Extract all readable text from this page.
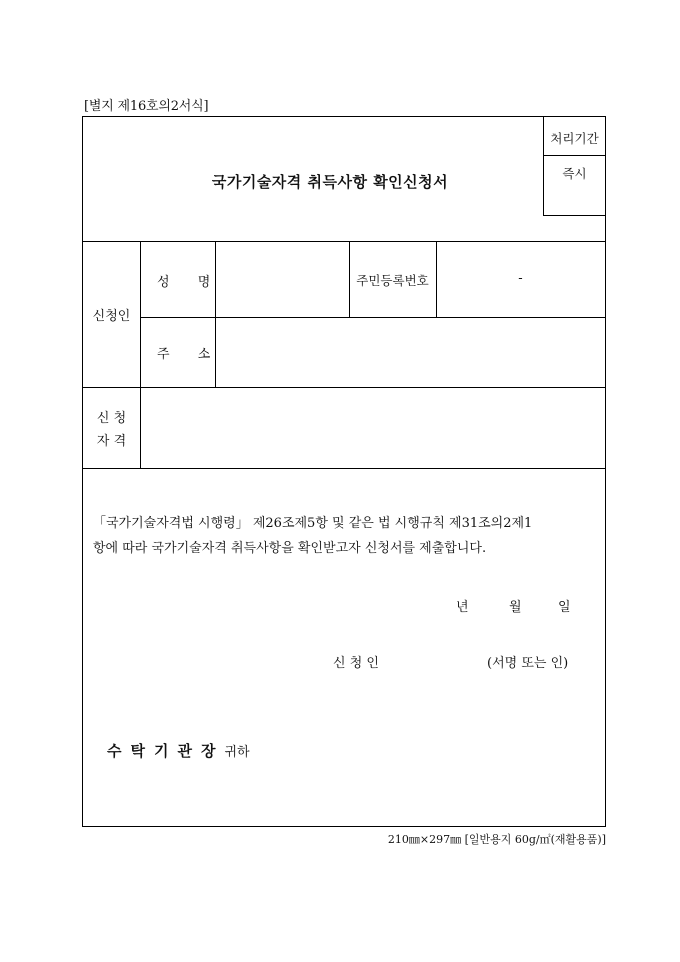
[별지 제16호의2서식]
처리기간
즉시
국가기술자격 취득사항 확인신청서
신청인
성 명	주민등록번호	-
주 소
신 청
자 격
「국가기술자격법 시행령」 제26조제5항 및 같은 법 시행규칙 제31조의2제1
항에 따라 국가기술자격 취득사항을 확인받고자 신청서를 제출합니다.
년	월	일
신 청 인	(서명 또는 인)
수탁기관장귀하
210㎜×297㎜ [일반용지 60g/㎡(재활용품)]
